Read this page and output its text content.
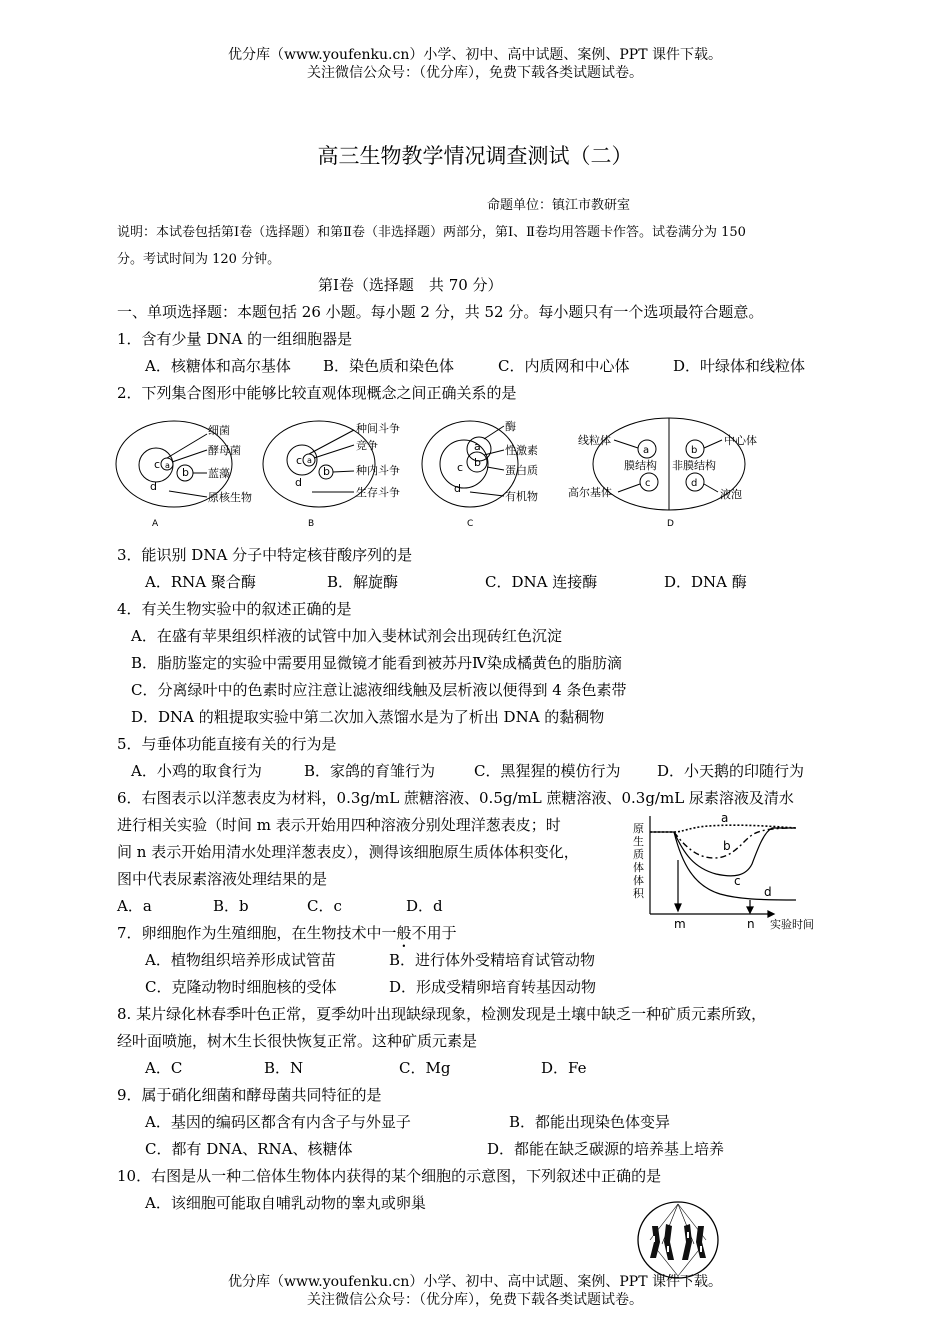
优分库（www.youfenku.cn）小学、初中、高中试题、案例、PPT 课件下载。
关注微信公众号：（优分库），免费下载各类试题试卷。
高三生物教学情况调查测试（二）
命题单位：镇江市教研室
说明：本试卷包括第Ⅰ卷（选择题）和第Ⅱ卷（非选择题）两部分，第Ⅰ、Ⅱ卷均用答题卡作答。试卷满分为 150
分。考试时间为 120 分钟。
第Ⅰ卷（选择题　共 70 分）
一、单项选择题：本题包括 26 小题。每小题 2 分，共 52 分。每小题只有一个选项最符合题意。
1．含有少量 DNA 的一组细胞器是
A．核糖体和高尔基体 B．染色质和染色体	C．内质网和中心体	D．叶绿体和线粒体
2．下列集合图形中能够比较直观体现概念之间正确关系的是
c a
b
d
细菌
酵母菌
蓝藻
原核生物
A
c a
b
d
种间斗争
竞争
种内斗争
生存斗争
B
a
b
c
d
酶
性激素
蛋白质
有机物
C
a
c
b
d
线粒体
膜结构
高尔基体
中心体
非膜结构
液泡
D
3．能识别 DNA 分子中特定核苷酸序列的是
A．RNA 聚合酶	B．解旋酶	C．DNA 连接酶	D．DNA 酶
4．有关生物实验中的叙述正确的是
A．在盛有苹果组织样液的试管中加入斐林试剂会出现砖红色沉淀
B．脂肪鉴定的实验中需要用显微镜才能看到被苏丹Ⅳ染成橘黄色的脂肪滴
C．分离绿叶中的色素时应注意让滤液细线触及层析液以便得到 4 条色素带
D．DNA 的粗提取实验中第二次加入蒸馏水是为了析出 DNA 的黏稠物
5．与垂体功能直接有关的行为是
A．小鸡的取食行为	B．家鸽的育雏行为	C．黑猩猩的模仿行为 D．小天鹅的印随行为
6．右图表示以洋葱表皮为材料，0.3g/mL 蔗糖溶液、0.5g/mL 蔗糖溶液、0.3g/mL 尿素溶液及清水
进行相关实验（时间 m 表示开始用四种溶液分别处理洋葱表皮；时
间 n 表示开始用清水处理洋葱表皮），测得该细胞原生质体体积变化，
图中代表尿素溶液处理结果的是
A．a	B．b	C．c	D．d
原
生
质
体
体
积
a
b
c
d
m	n 实验时间
7．卵细胞作为生殖细胞，在生物技术中一般不用于
A．植物组织培养形成试管苗	B．进行体外受精培育试管动物
C．克隆动物时细胞核的受体	D．形成受精卵培育转基因动物
8. 某片绿化林春季叶色正常，夏季幼叶出现缺绿现象，检测发现是土壤中缺乏一种矿质元素所致，
经叶面喷施，树木生长很快恢复正常。这种矿质元素是
A．C	B．N	C．Mg	D．Fe
9．属于硝化细菌和酵母菌共同特征的是
A．基因的编码区都含有内含子与外显子	B．都能出现染色体变异
C．都有 DNA、RNA、核糖体	D．都能在缺乏碳源的培养基上培养
10．右图是从一种二倍体生物体内获得的某个细胞的示意图，下列叙述中正确的是
A．该细胞可能取自哺乳动物的睾丸或卵巢
优分库（www.youfenku.cn）小学、初中、高中试题、案例、PPT 课件下载。
关注微信公众号：（优分库），免费下载各类试题试卷。
